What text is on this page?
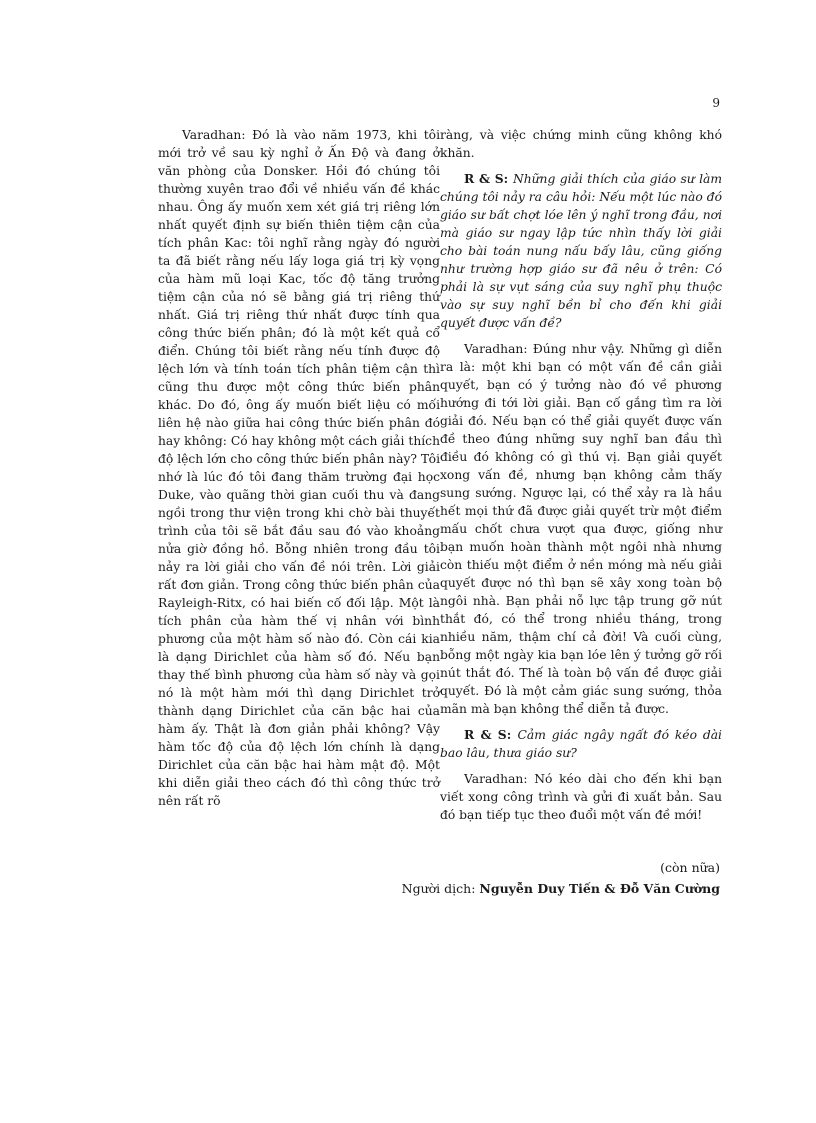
9

Varadhan: Đó là vào năm 1973, khi tôi mới trở về sau kỳ nghỉ ở Ấn Độ và đang ở văn phòng của Donsker. Hồi đó chúng tôi thường xuyên trao đổi về nhiều vấn đề khác nhau. Ông ấy muốn xem xét giá trị riêng lớn nhất quyết định sự biến thiên tiệm cận của tích phân Kac: tôi nghĩ rằng ngày đó người ta đã biết rằng nếu lấy loga giá trị kỳ vọng của hàm mũ loại Kac, tốc độ tăng trưởng tiệm cận của nó sẽ bằng giá trị riêng thứ nhất. Giá trị riêng thứ nhất được tính qua công thức biến phân; đó là một kết quả cổ điển. Chúng tôi biết rằng nếu tính được độ lệch lớn và tính toán tích phân tiệm cận thì cũng thu được một công thức biến phân khác. Do đó, ông ấy muốn biết liệu có mối liên hệ nào giữa hai công thức biến phân đó hay không: Có hay không một cách giải thích độ lệch lớn cho công thức biến phân này? Tôi nhớ là lúc đó tôi đang thăm trường đại học Duke, vào quãng thời gian cuối thu và đang ngồi trong thư viện trong khi chờ bài thuyết trình của tôi sẽ bắt đầu sau đó vào khoảng nửa giờ đồng hồ. Bỗng nhiên trong đầu tôi nảy ra lời giải cho vấn đề nói trên. Lời giải rất đơn giản. Trong công thức biến phân của Rayleigh-Ritx, có hai biến cố đối lập. Một là tích phân của hàm thế vị nhân với bình phương của một hàm số nào đó. Còn cái kia là dạng Dirichlet của hàm số đó. Nếu bạn thay thế bình phương của hàm số này và gọi nó là một hàm mới thì dạng Dirichlet trở thành dạng Dirichlet của căn bậc hai của hàm ấy. Thật là đơn giản phải không? Vậy hàm tốc độ của độ lệch lớn chính là dạng Dirichlet của căn bậc hai hàm mật độ. Một khi diễn giải theo cách đó thì công thức trở nên rất rõ

ràng, và việc chứng minh cũng không khó khăn.

R & S: Những giải thích của giáo sư làm chúng tôi nảy ra câu hỏi: Nếu một lúc nào đó giáo sư bất chợt lóe lên ý nghĩ trong đầu, nơi mà giáo sư ngay lập tức nhìn thấy lời giải cho bài toán nung nấu bấy lâu, cũng giống như trường hợp giáo sư đã nêu ở trên: Có phải là sự vụt sáng của suy nghĩ phụ thuộc vào sự suy nghĩ bền bỉ cho đến khi giải quyết được vấn đề?

Varadhan: Đúng như vậy. Những gì diễn ra là: một khi bạn có một vấn đề cần giải quyết, bạn có ý tưởng nào đó về phương hướng đi tới lời giải. Bạn cố gắng tìm ra lời giải đó. Nếu bạn có thể giải quyết được vấn đề theo đúng những suy nghĩ ban đầu thì điều đó không có gì thú vị. Bạn giải quyết xong vấn đề, nhưng bạn không cảm thấy sung sướng. Ngược lại, có thể xảy ra là hầu hết mọi thứ đã được giải quyết trừ một điểm mấu chốt chưa vượt qua được, giống như bạn muốn hoàn thành một ngôi nhà nhưng còn thiếu một điểm ở nền móng mà nếu giải quyết được nó thì bạn sẽ xây xong toàn bộ ngôi nhà. Bạn phải nỗ lực tập trung gỡ nút thắt đó, có thể trong nhiều tháng, trong nhiều năm, thậm chí cả đời! Và cuối cùng, bỗng một ngày kia bạn lóe lên ý tưởng gỡ rối nút thắt đó. Thế là toàn bộ vấn đề được giải quyết. Đó là một cảm giác sung sướng, thỏa mãn mà bạn không thể diễn tả được.

R & S: Cảm giác ngây ngất đó kéo dài bao lâu, thưa giáo sư?

Varadhan: Nó kéo dài cho đến khi bạn viết xong công trình và gửi đi xuất bản. Sau đó bạn tiếp tục theo đuổi một vấn đề mới!

(còn nữa)
Người dịch: Nguyễn Duy Tiến & Đỗ Văn Cường
